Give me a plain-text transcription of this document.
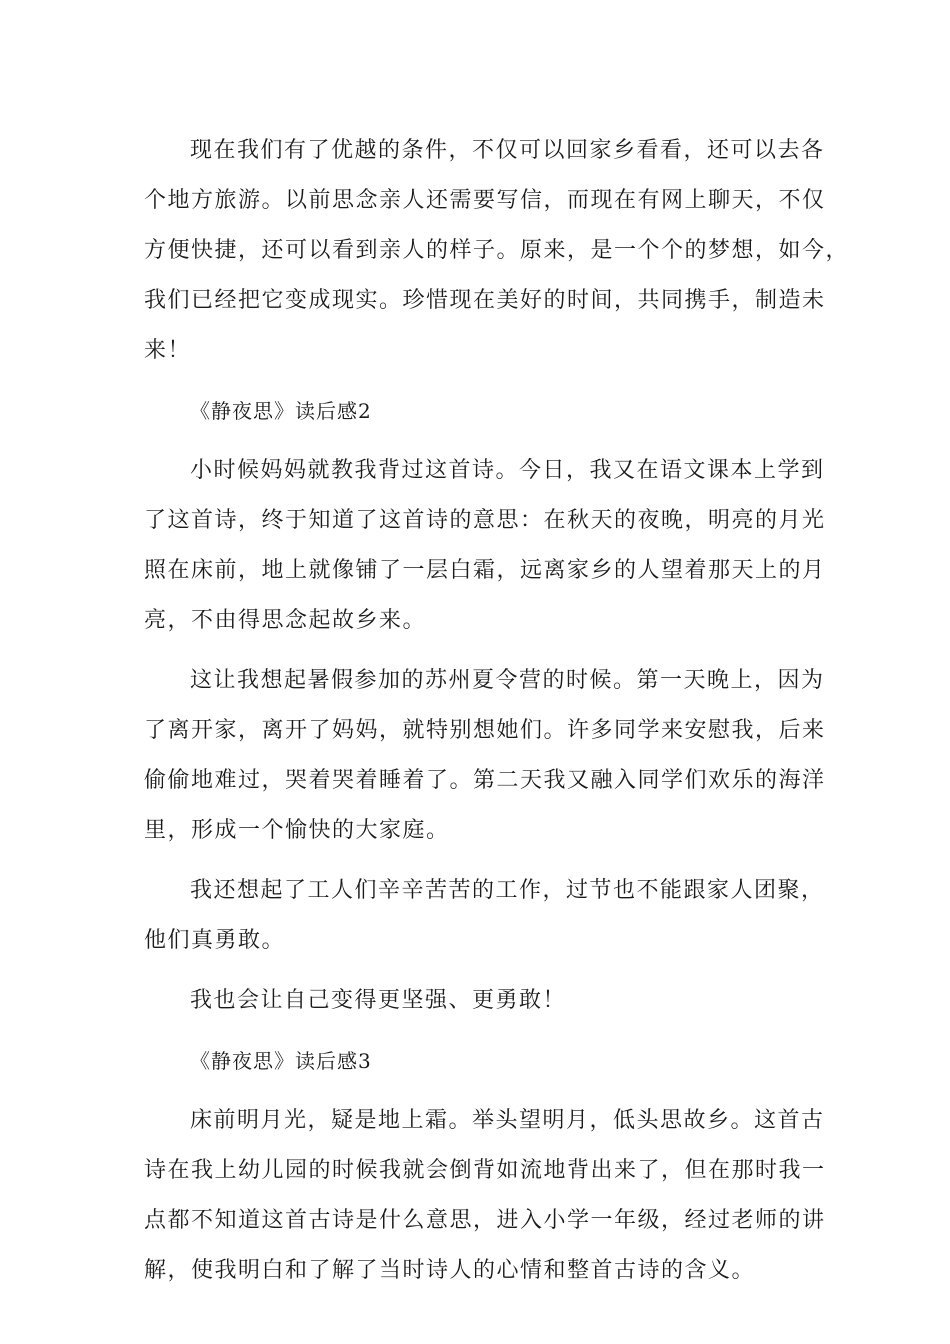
现在我们有了优越的条件，不仅可以回家乡看看，还可以去各
个地方旅游。以前思念亲人还需要写信，而现在有网上聊天，不仅
方便快捷，还可以看到亲人的样子。原来，是一个个的梦想，如今，
我们已经把它变成现实。珍惜现在美好的时间，共同携手，制造未
来！

《静夜思》读后感2

小时候妈妈就教我背过这首诗。今日，我又在语文课本上学到
了这首诗，终于知道了这首诗的意思：在秋天的夜晚，明亮的月光
照在床前，地上就像铺了一层白霜，远离家乡的人望着那天上的月
亮，不由得思念起故乡来。

这让我想起暑假参加的苏州夏令营的时候。第一天晚上，因为
了离开家，离开了妈妈，就特别想她们。许多同学来安慰我，后来
偷偷地难过，哭着哭着睡着了。第二天我又融入同学们欢乐的海洋
里，形成一个愉快的大家庭。

我还想起了工人们辛辛苦苦的工作，过节也不能跟家人团聚，
他们真勇敢。

我也会让自己变得更坚强、更勇敢！

《静夜思》读后感3

床前明月光，疑是地上霜。举头望明月，低头思故乡。这首古
诗在我上幼儿园的时候我就会倒背如流地背出来了，但在那时我一
点都不知道这首古诗是什么意思，进入小学一年级，经过老师的讲
解，使我明白和了解了当时诗人的心情和整首古诗的含义。
